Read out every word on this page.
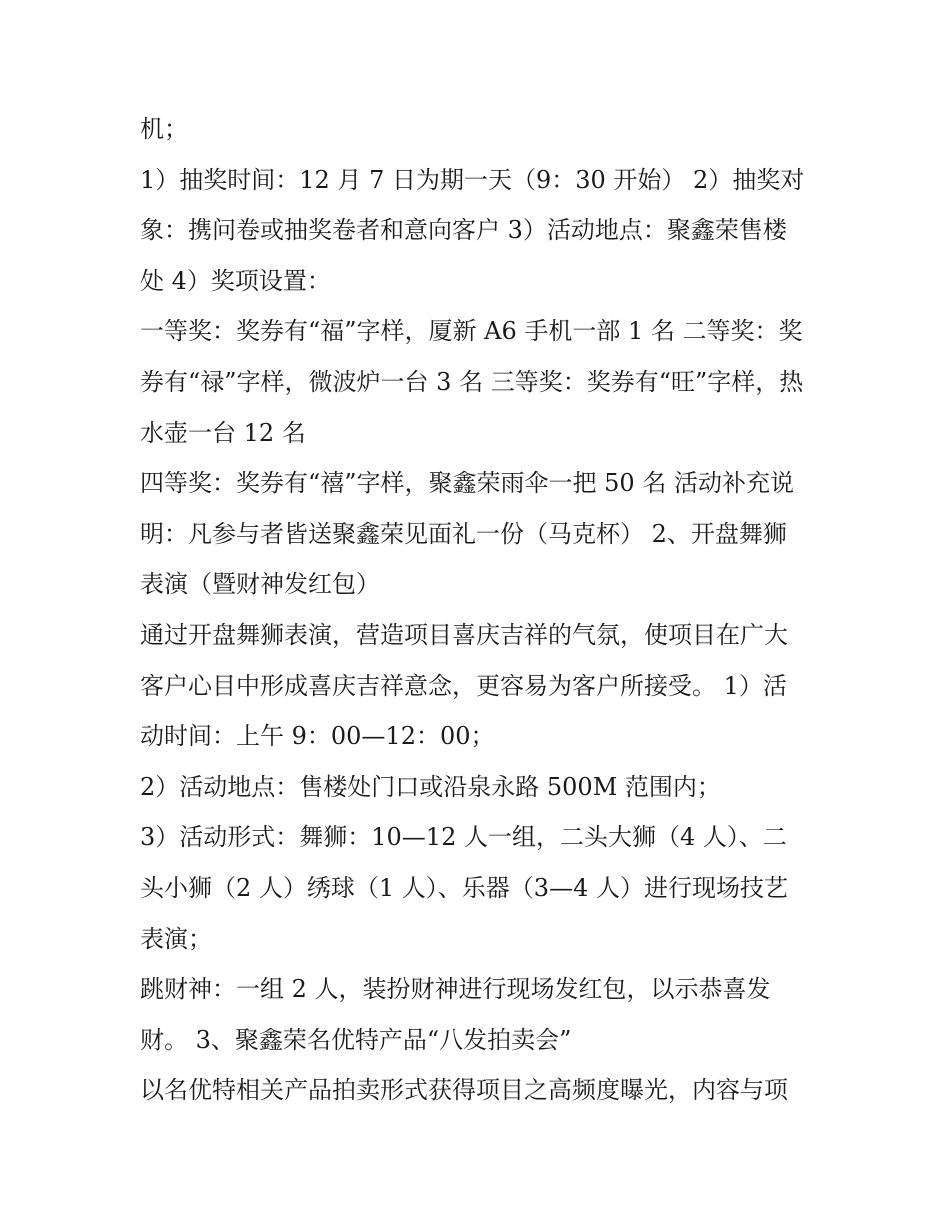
机；
1）抽奖时间：12 月 7 日为期一天（9：30 开始） 2）抽奖对
象：携问卷或抽奖卷者和意向客户 3）活动地点：聚鑫荣售楼
处 4）奖项设置：
一等奖：奖券有“福”字样，厦新 A6 手机一部 1 名 二等奖：奖
券有“禄”字样，微波炉一台 3 名 三等奖：奖券有“旺”字样，热
水壶一台 12 名
四等奖：奖券有“禧”字样，聚鑫荣雨伞一把 50 名 活动补充说
明：凡参与者皆送聚鑫荣见面礼一份（马克杯） 2、开盘舞狮
表演（暨财神发红包）
通过开盘舞狮表演，营造项目喜庆吉祥的气氛，使项目在广大
客户心目中形成喜庆吉祥意念，更容易为客户所接受。 1）活
动时间：上午 9：00—12：00；
2）活动地点：售楼处门口或沿泉永路 500M 范围内；
3）活动形式：舞狮：10—12 人一组，二头大狮（4 人）、二
头小狮（2 人）绣球（1 人）、乐器（3—4 人）进行现场技艺
表演；
跳财神：一组 2 人，装扮财神进行现场发红包，以示恭喜发
财。 3、聚鑫荣名优特产品“八发拍卖会”
以名优特相关产品拍卖形式获得项目之高频度曝光，内容与项
